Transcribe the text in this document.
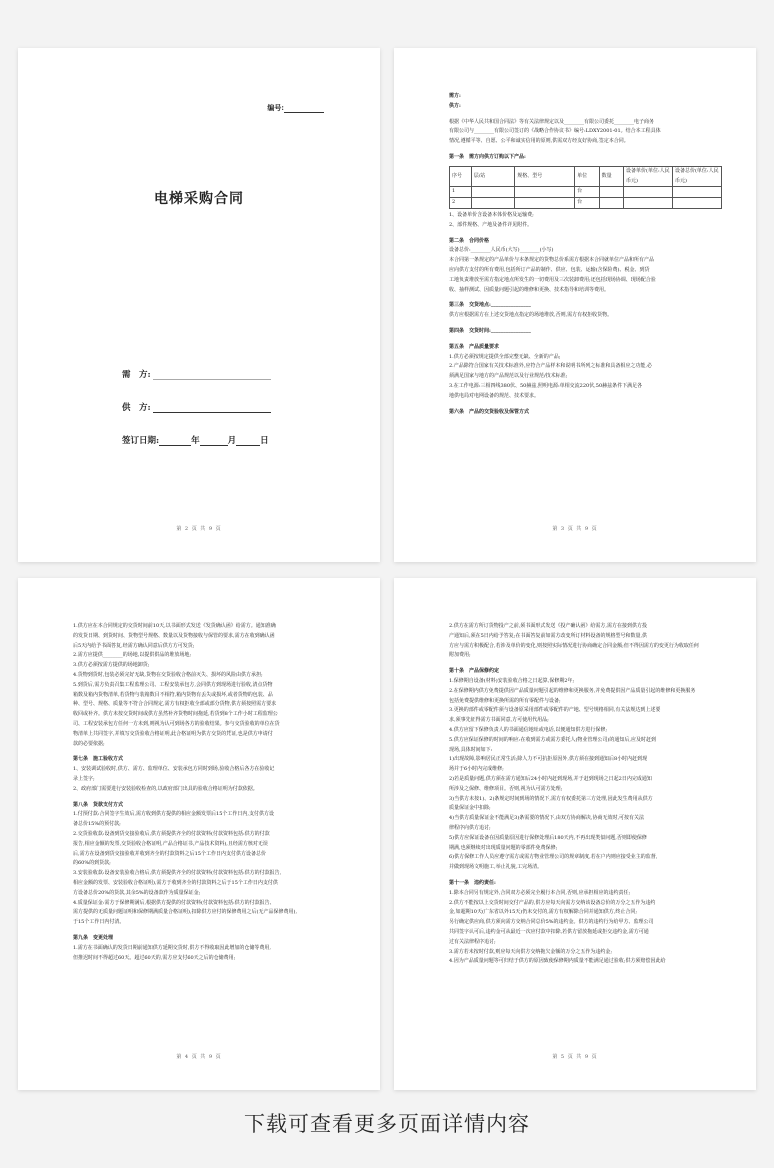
编号:
电梯采购合同
需　方:
供　方:
签订日期:	年	月	日
第 2 页 共 9 页

需方:

供方:

根据《中华人民共和国合同法》等有关法律规定以及________有限公司委托________电子商务

有限公司与________有限公司签订的《战略合作协议书》编号:LDXY2001-01。结合本工程具体

情况,遵循平等、自愿、公平和诚实信用的原则,供需双方经友好协商,签定本合同。

第一条　需方向供方订购以下产品:

序号	层/站	规格、型号	单位	数量	设备单价(单位:人民币元)	设备总价(单位:人民币元)
1			台			
2			台			

1、设备单价含设备本体价格及运输费;

2、部件规格、产地及备件详见附件。

第二条　合同价格

设备总价:________人民币(大写)________(小写)

本合同第一条规定的产品单价与本条规定的货物总价系需方根据本合同就单位产品和所有产品

应向供方支付的所有费用,包括所订产品的制作、供应、包装、运输(含保险费)、税金、到货

工地负责堆放至需方指定地点所发生的一切费用及三次装卸费用;还包括现场协调、现场配合验

收、抽样测试、因质量问题引起的维修和更换、技术指导和培训等费用。

第三条　交货地点:________________

供方应根据需方在上述交货地点指定的场地堆放,否则,需方有权拒收货物。

第四条　交货时间:________________

第五条　产品质量要求

1.供方必须按规定提供全部完整无缺、全新的产品;

2.产品除符合国家有关技术标准外,应符合产品样本和说明书所列之标准和具备相应之功能,必

须满足国家与地方的产品规范以及行业规范/技术标准;

3.在工作电源:三相四线380伏、50赫兹,照明电源:单相交流220伏,50赫兹条件下满足各

地供电局对电网设备的规范、技术要求。

第六条　产品的交货验收及保管方式

第 3 页 共 9 页

1.供方应在本合同规定的交货时间前10天,以书面形式发送《发货确认函》给需方。通知准确

的发货日期、到货时间、货物型号规格、数量以及货物接收与保管的要求,需方在收到确认函

后5天内给予书面答复,经需方确认同意后供方方可发货;

2.需方应提供________的场地,以提供供品的堆放场地;

3.供方必须按需方提供的场地卸货;

4.货物到货时,包装必须完好无缺,货物在交货验收合格前灭失、损坏的风险由供方承担;

5.到货后,需方负责召集工程监理公司、工程安装承包方,会同供方到现场进行验收,清点货物

箱数及箱内货物清单,若货物与装箱数目不相符,箱内货物有丢失或损坏,或者货物的包装、品

种、型号、规格、质量等不符合合同规定,需方有权拒收全部或部分货物,供方须按照需方要求

收回或补齐。供方未按交货时间或供方虽然补齐货物时间拖延,若货到8个工作小时工程监理公

司、工程安装承包方任何一方未到,则视为认可到场各方的验收结果。参与交货验收的单位在货

物清单上共同签字,并填写交货验收合格证明,此合格证明为供方交货的凭证,也是供方申请付

款的必要依据;

第七条　施工验收方式

1、安装调试验收时,供方、需方、监理单位、安装承包方同时到场,验收合格后各方在验收记

录上签字;

2、政府部门需要进行安装验收检查的,以政府部门出具的验收合格证明为付款依据。

第八条　货款支付方式

1.付预付款:合同签字生效后,需方收到供方提供的相应金额发票后15个工作日内,支付供方设

备总价15%的预付款;

2.交货验收款:设备到货交接验收后,供方须提供齐全的付款资料(付款资料包括:供方的付款

报告,相应金额的发票,交货验收合格证明,产品合格证书,产品技术资料),且经需方核对无误

后,需方在设备到货交接验收并收到齐全的付款资料之后15个工作日内支付供方设备总价

的60%的到货款;

3.安装验收款:设备安装验收合格后,供方须提供齐全的付款资料(付款资料包括:供方的付款报告,

相应金额的发票、安装验收合格证明),需方于收到齐全的付款资料之后于15个工作日内支付供

方设备总价20%的货款,其余5%的设备款作为质量保证金;

4.质量保证金:需方于保修期满后,根据供方提供的付款资料(付款资料包括:供方的付款报告、

需方提供的无质量问题证明和保修期满质量合格证明),扣除供方应付的保修费用之后(无产品保修费用),

于15个工作日内付清。

第九条　变更处理

1.需方在书面确认的发货日期前通知供方延期交货时,供方不得收取因此增加的仓储等费用,

但推迟时间不得超过60天。超过60天的,需方应支付60天之后的仓储费用;

第 4 页 共 9 页

2.供方在需方所订货物投产之前,须书面形式发送《投产确认函》给需方,需方在接到供方投

产通知后,须在5日内给予答复;在书面答复前如需方改变所订材料设备的规格型号和数量,供

方应与需方积极配合,若涉及单价的变化,则按照实际情况进行协商确定合同金额;但不得因需方的变更行为收取任何

附加费用;

第十条　产品保修约定

1.保修期自设备(材料)安装验收合格之日起算,保修期2年;

2.在保修期内供方免费提供因产品质量问题引起的维修和更换服务,并免费提供因产品质量引起的维修和更换服务

包括免费提供维修和更换所需的所有零配件与设备;

3.更换的部件或零配件须与设备原采用部件或零配件的产地、型号规格相同,有关法规达到上述要

求,须事先征得需方书面同意,方可使用代用品;

4.供方应留下保修负责人的书面通信地址或电话,以便通知供方进行保修;

5.供方应保证保修的时间的响应:在收到需方或需方委托人(物业管理公司)的通知后,应及时赶到

现场,具体时间如下:

1)出现故障,影响居民正常生活;除人力不可抗拒原因外,供方须在接到通知后8小时内赶到现

场并于6小时内完成维修;

2)若是质量问题,供方须在需方通知后24小时内赶到现场,并于赶到现场之日起2日内完成通知

所涉及之保修、维修项目。否则,视为认可需方处理;

3)当供方未按1)、2)条规定时间到场的情况下,需方有权委托第三方处理,因此发生费用从供方

质量保证金中扣除;

4)当供方质量保证金不能满足3)条需要的情况下,由双方协商解决,协商无效时,可按有关法

律程序向供方追讨;

5)供方应保证设备在因质量原因进行保修处理后180天内,不再出现类似问题,否则即使保修

期满,也须继续对出现质量问题的零部件免费保修;

6)供方保修工作人员应遵守需方或需方物业管理公司的规章制度,若在户内则应接受业主的监督,

并做到现场文明施工,举止礼貌,工完场清。

第十一条　违约责任:

1.除本合同另有规定外,合同双方必须完全履行本合同,否则,应承担相应的违约责任;

2.供方不能按以上交货时间交付产品的,供方应每天向需方交纳该设备总价的万分之五作为违约

金,如超期10天(广东省以外15天)仍未交付的,需方有权解除合同并通知供方,终止合同;

另行确定供应商,供方须向需方交纳合同总价5%的违约金。供方的违约行为给甲方、监理公司

共同签字认可后,违约金可从最近一次应付款中扣除,若供方留放拖延或拒交违约金,需方可通

过有关法律程序追讨;

3.需方若未按时付款,则应每天向供方交纳拖欠金额的万分之五作为违约金;

4.因为产品质量问题等可归结于供方的原因致使保修期内质量不能满足通过验收;供方须赔偿因此给

第 5 页 共 9 页
下载可查看更多页面详情内容
